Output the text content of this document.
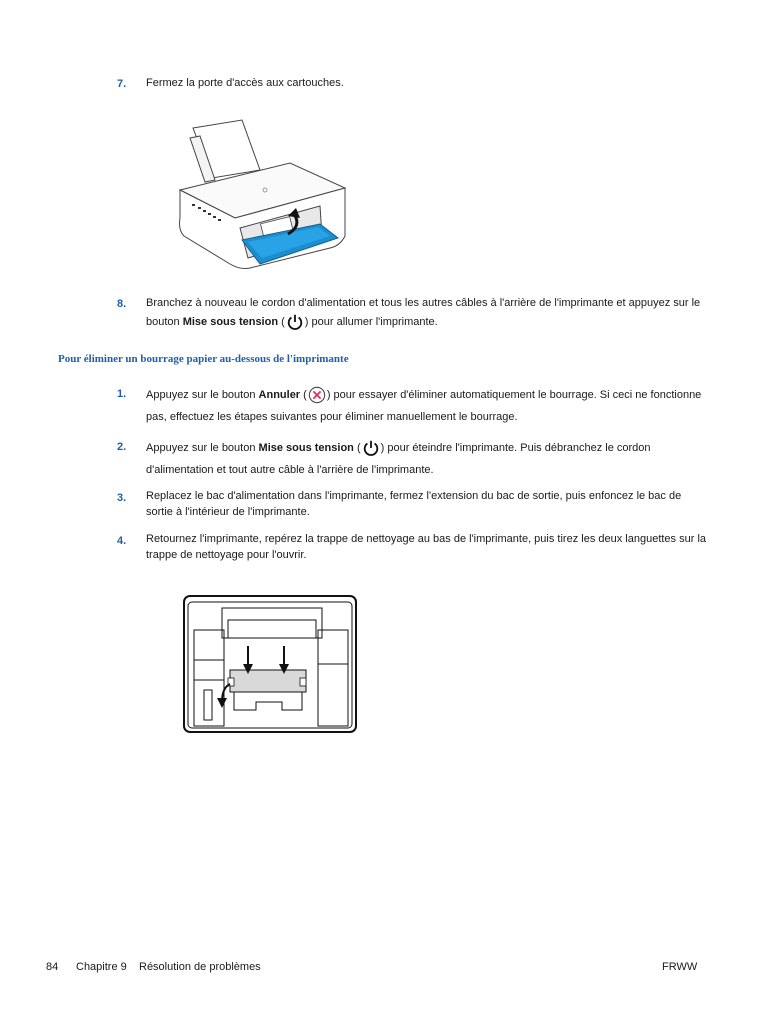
7. Fermez la porte d'accès aux cartouches.
8. Branchez à nouveau le cordon d'alimentation et tous les autres câbles à l'arrière de l'imprimante et appuyez sur le bouton Mise sous tension ( ) pour allumer l'imprimante.
Pour éliminer un bourrage papier au-dessous de l'imprimante
1. Appuyez sur le bouton Annuler ( ) pour essayer d'éliminer automatiquement le bourrage. Si ceci ne fonctionne pas, effectuez les étapes suivantes pour éliminer manuellement le bourrage.
2. Appuyez sur le bouton Mise sous tension ( ) pour éteindre l'imprimante. Puis débranchez le cordon d'alimentation et tout autre câble à l'arrière de l'imprimante.
3. Replacez le bac d'alimentation dans l'imprimante, fermez l'extension du bac de sortie, puis enfoncez le bac de sortie à l'intérieur de l'imprimante.
4. Retournez l'imprimante, repérez la trappe de nettoyage au bas de l'imprimante, puis tirez les deux languettes sur la trappe de nettoyage pour l'ouvrir.
84 Chapitre 9 Résolution de problèmes	FRWW
